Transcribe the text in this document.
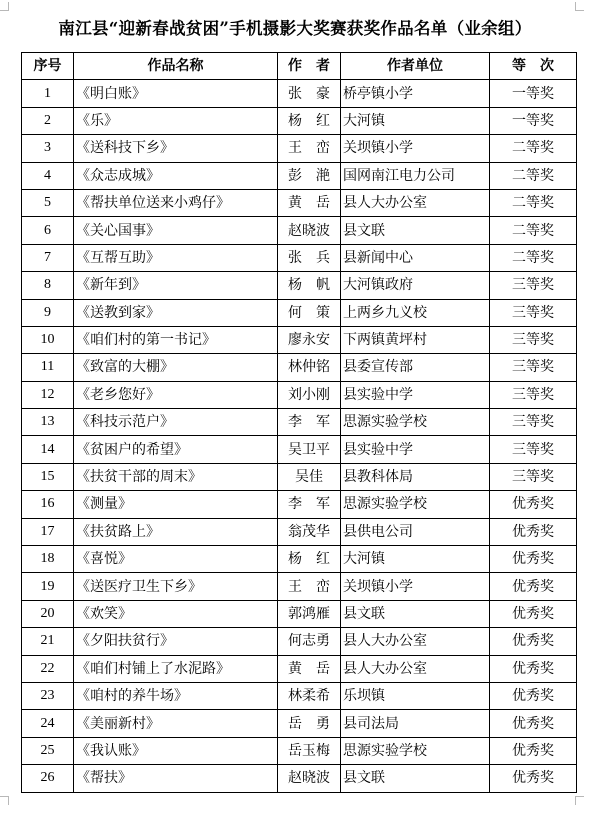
南江县“迎新春战贫困”手机摄影大奖赛获奖作品名单（业余组）
序号	作品名称	作　者	作者单位	等　次
1	《明白账》	张　豪	桥亭镇小学	一等奖
2	《乐》	杨　红	大河镇	一等奖
3	《送科技下乡》	王　峦	关坝镇小学	二等奖
4	《众志成城》	彭　滟	国网南江电力公司	二等奖
5	《帮扶单位送来小鸡仔》	黄　岳	县人大办公室	二等奖
6	《关心国事》	赵晓波	县文联	二等奖
7	《互帮互助》	张　兵	县新闻中心	二等奖
8	《新年到》	杨　帆	大河镇政府	三等奖
9	《送教到家》	何　策	上两乡九义校	三等奖
10	《咱们村的第一书记》	廖永安	下两镇黄坪村	三等奖
11	《致富的大棚》	林仲铭	县委宣传部	三等奖
12	《老乡您好》	刘小刚	县实验中学	三等奖
13	《科技示范户》	李　军	思源实验学校	三等奖
14	《贫困户的希望》	吴卫平	县实验中学	三等奖
15	《扶贫干部的周末》	吴佳	县教科体局	三等奖
16	《测量》	李　军	思源实验学校	优秀奖
17	《扶贫路上》	翁茂华	县供电公司	优秀奖
18	《喜悦》	杨　红	大河镇	优秀奖
19	《送医疗卫生下乡》	王　峦	关坝镇小学	优秀奖
20	《欢笑》	郭鸿雁	县文联	优秀奖
21	《夕阳扶贫行》	何志勇	县人大办公室	优秀奖
22	《咱们村铺上了水泥路》	黄　岳	县人大办公室	优秀奖
23	《咱村的养牛场》	林柔希	乐坝镇	优秀奖
24	《美丽新村》	岳　勇	县司法局	优秀奖
25	《我认账》	岳玉梅	思源实验学校	优秀奖
26	《帮扶》	赵晓波	县文联	优秀奖
